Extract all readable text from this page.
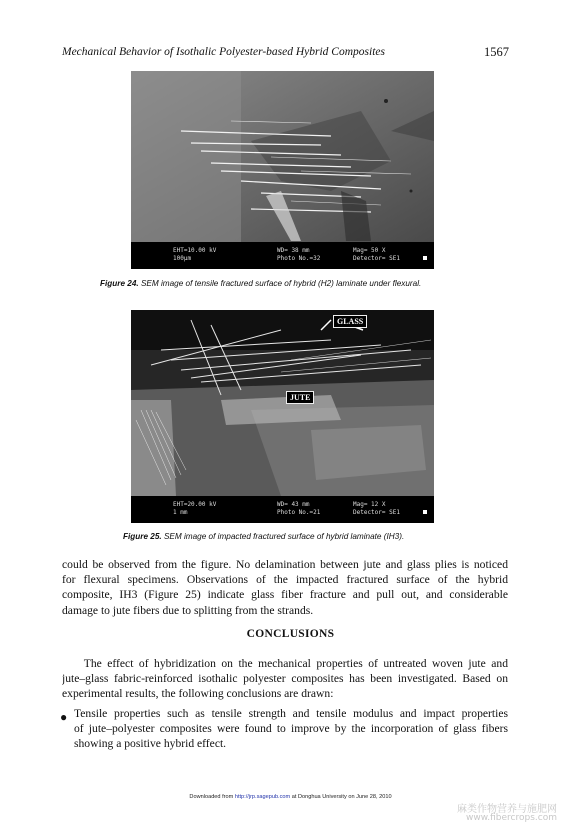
Mechanical Behavior of Isothalic Polyester-based Hybrid Composites	1567
EHT=10.00 kV
100µm
WD= 38 mm
Photo No.=32
Mag= 50 X
Detector= SE1
Figure 24. SEM image of tensile fractured surface of hybrid (H2) laminate under flexural.
GLASS
JUTE
EHT=20.00 kV
1 mm
WD= 43 mm
Photo No.=21
Mag= 12 X
Detector= SE1
Figure 25. SEM image of impacted fractured surface of hybrid laminate (IH3).
could be observed from the figure. No delamination between jute and glass plies is noticed
for flexural specimens. Observations of the impacted fractured surface of the hybrid
composite, IH3 (Figure 25) indicate glass fiber fracture and pull out, and considerable
damage to jute fibers due to splitting from the strands.
CONCLUSIONS
The effect of hybridization on the mechanical properties of untreated woven jute and
jute–glass fabric-reinforced isothalic polyester composites has been investigated. Based on
experimental results, the following conclusions are drawn:
● Tensile properties such as tensile strength and tensile modulus and impact properties
of jute–polyester composites were found to improve by the incorporation of glass fibers
showing a positive hybrid effect.
Downloaded from http://jrp.sagepub.com at Donghua University on June 28, 2010
麻类作物营养与施肥网
www.fibercrops.com
